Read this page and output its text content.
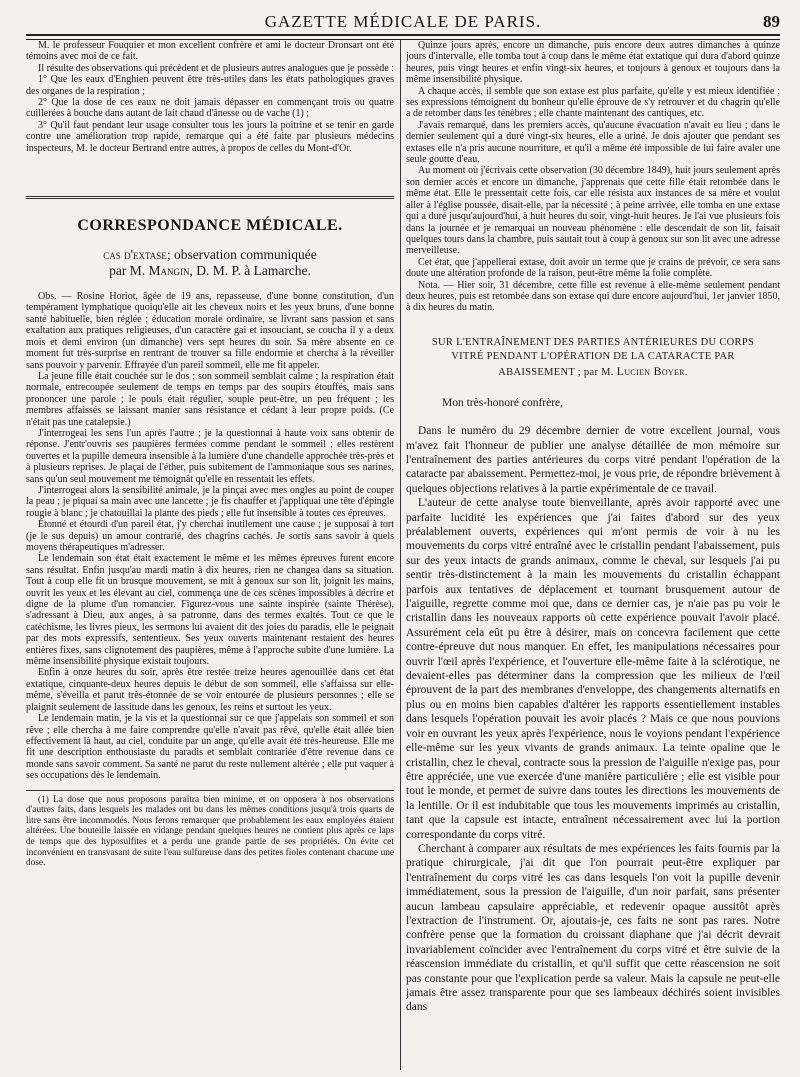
GAZETTE MÉDICALE DE PARIS.	89

M. le professeur Fouquier et mon excellent confrère et ami le docteur Dronsart ont été témoins avec moi de ce fait.

Il résulte des observations qui précèdent et de plusieurs autres analogues que je possède :

1° Que les eaux d'Enghien peuvent être très-utiles dans les états pathologiques graves des organes de la respiration ;

2° Que la dose de ces eaux ne doit jamais dépasser en commençant trois ou quatre cuillerées à bouche dans autant de lait chaud d'ânesse ou de vache (1) ;

3° Qu'il faut pendant leur usage consulter tous les jours la poitrine et se tenir en garde contre une amélioration trop rapide, remarque qui a été faite par plusieurs médecins inspecteurs, M. le docteur Bertrand entre autres, à propos de celles du Mont-d'Or.

CORRESPONDANCE MÉDICALE.
cas d'extase; observation communiquée
par M. Mangin, D. M. P. à Lamarche.

Obs. — Rosine Horiot, âgée de 19 ans, repasseuse, d'une bonne constitution, d'un tempérament lymphatique quoiqu'elle ait les cheveux noirs et les yeux bruns, d'une bonne santé habituelle, bien réglée ; éducation morale ordinaire, se livrant sans passion et sans exaltation aux pratiques religieuses, d'un caractère gai et insouciant, se coucha il y a deux mois et demi environ (un dimanche) vers sept heures du soir. Sa mère absente en ce moment fut très-surprise en rentrant de trouver sa fille endormie et chercha à la réveiller sans pouvoir y parvenir. Effrayée d'un pareil sommeil, elle me fit appeler.

La jeune fille était couchée sur le dos ; son sommeil semblait calme ; la respiration était normale, entrecoupée seulement de temps en temps par des soupirs étouffés, mais sans prononcer une parole ; le pouls était régulier, souple peut-être, un peu fréquent ; les membres affaissés se laissant manier sans résistance et cédant à leur propre poids. (Ce n'était pas une catalepsie.)

J'interrogeai les sens l'un après l'autre ; je la questionnai à haute voix sans obtenir de réponse. J'entr'ouvris ses paupières fermées comme pendant le sommeil ; elles restèrent ouvertes et la pupille demeura insensible à la lumière d'une chandelle approchée très-près et à plusieurs reprises. Je plaçai de l'éther, puis subitement de l'ammoniaque sous ses narines, sans qu'un seul mouvement me témoignât qu'elle en ressentait les effets.

J'interrogeai alors la sensibilité animale, je la pinçai avec mes ongles au point de couper la peau ; je piquai sa main avec une lancette ; je fis chauffer et j'appliquai une tête d'épingle rougie à blanc ; je chatouillai la plante des pieds ; elle fut insensible à toutes ces épreuves.

Étonné et étourdi d'un pareil état, j'y cherchai inutilement une cause ; je supposai à tort (je le sus depuis) un amour contrarié, des chagrins cachés. Je sortis sans savoir à quels moyens thérapeutiques m'adresser.

Le lendemain son état était exactement le même et les mêmes épreuves furent encore sans résultat. Enfin jusqu'au mardi matin à dix heures, rien ne changea dans sa situation. Tout à coup elle fit un brusque mouvement, se mit à genoux sur son lit, joignit les mains, ouvrit les yeux et les élevant au ciel, commença une de ces scènes impossibles à décrire et digne de la plume d'un romancier. Figurez-vous une sainte inspirée (sainte Thérèse), s'adressant à Dieu, aux anges, à sa patronne, dans des termes exaltés. Tout ce que le catéchisme, les livres pieux, les sermons lui avaient dit des joies du paradis, elle le peignait par des mots expressifs, sententieux. Ses yeux ouverts maintenant restaient des heures entières fixes, sans clignotement des paupières, même à l'approche subite d'une lumière. La même insensibilité physique existait toujours.

Enfin à onze heures du soir, après être restée treize heures agenouillée dans cet état extatique, cinquante-deux heures depuis le début de son sommeil, elle s'affaissa sur elle-même, s'éveilla et parut très-étonnée de se voir entourée de plusieurs personnes ; elle se plaignit seulement de lassitude dans les genoux, les reins et surtout les yeux.

Le lendemain matin, je la vis et la questionnai sur ce que j'appelais son sommeil et son rêve ; elle chercha à me faire comprendre qu'elle n'avait pas rêvé, qu'elle était allée bien effectivement là haut, au ciel, conduite par un ange, qu'elle avait été très-heureuse. Elle me fit une description enthousiaste du paradis et semblait contrariée d'être revenue dans ce monde sans savoir comment. Sa santé ne parut du reste nullement altérée ; elle put vaquer à ses occupations dès le lendemain.

(1) La dose que nous proposons paraîtra bien minime, et on opposera à nos observations d'autres faits, dans lesquels les malades ont bu dans les mêmes conditions jusqu'à trois quarts de litre sans être incommodés. Nous ferons remarquer que probablement les eaux employées étaient altérées. Une bouteille laissée en vidange pendant quelques heures ne contient plus après ce laps de temps que des hyposulfites et a perdu une grande partie de ses propriétés. On évite cet inconvénient en transvasant de suite l'eau sulfureuse dans des petites fioles contenant chacune une dose.

Quinze jours après, encore un dimanche, puis encore deux autres dimanches à quinze jours d'intervalle, elle tomba tout à coup dans le même état extatique qui dura d'abord quinze heures, puis vingt heures et enfin vingt-six heures, et toujours à genoux et toujours dans la même insensibilité physique.

A chaque accès, il semble que son extase est plus parfaite, qu'elle y est mieux identifiée ; ses expressions témoignent du bonheur qu'elle éprouve de s'y retrouver et du chagrin qu'elle a de retomber dans les ténèbres ; elle chante maintenant des cantiques, etc.

J'avais remarqué, dans les premiers accès, qu'aucune évacuation n'avait eu lieu ; dans le dernier seulement qui a duré vingt-six heures, elle a uriné. Je dois ajouter que pendant ses extases elle n'a pris aucune nourriture, et qu'il a même été impossible de lui faire avaler une seule goutte d'eau.

Au moment où j'écrivais cette observation (30 décembre 1849), huit jours seulement après son dernier accès et encore un dimanche, j'apprenais que cette fille était retombée dans le même état. Elle le pressentait cette fois, car elle résista aux instances de sa mère et voulut aller à l'église poussée, disait-elle, par la nécessité ; à peine arrivée, elle tomba en une extase qui a duré jusqu'aujourd'hui, à huit heures du soir, vingt-huit heures. Je l'ai vue plusieurs fois dans la journée et je remarquai un nouveau phénomène : elle descendait de son lit, faisait quelques tours dans la chambre, puis sautait tout à coup à genoux sur son lit avec une adresse merveilleuse.

Cet état, que j'appellerai extase, doit avoir un terme que je crains de prévoir, ce sera sans doute une altération profonde de la raison, peut-être même la folie complète.

Nota. — Hier soir, 31 décembre, cette fille est revenue à elle-même seulement pendant deux heures, puis est retombée dans son extase qui dure encore aujourd'hui, 1er janvier 1850, à dix heures du matin.

SUR L'ENTRAÎNEMENT DES PARTIES ANTÉRIEURES DU CORPS
VITRÉ PENDANT L'OPÉRATION DE LA CATARACTE PAR
ABAISSEMENT ; par M. Lucien Boyer.

Mon très-honoré confrère,

Dans le numéro du 29 décembre dernier de votre excellent journal, vous m'avez fait l'honneur de publier une analyse détaillée de mon mémoire sur l'entraînement des parties antérieures du corps vitré pendant l'opération de la cataracte par abaissement. Permettez-moi, je vous prie, de répondre brièvement à quelques objections relatives à la partie expérimentale de ce travail.

L'auteur de cette analyse toute bienveillante, après avoir rapporté avec une parfaite lucidité les expériences que j'ai faites d'abord sur des yeux préalablement ouverts, expériences qui m'ont permis de voir à nu les mouvements du corps vitré entraîné avec le cristallin pendant l'abaissement, puis sur des yeux intacts de grands animaux, comme le cheval, sur lesquels j'ai pu sentir très-distinctement à la main les mouvements du cristallin échappant parfois aux tentatives de déplacement et tournant brusquement autour de l'aiguille, regrette comme moi que, dans ce dernier cas, je n'aie pas pu voir le cristallin dans les nouveaux rapports où cette expérience pouvait l'avoir placé. Assurément cela eût pu être à désirer, mais on concevra facilement que cette contre-épreuve dut nous manquer. En effet, les manipulations nécessaires pour ouvrir l'œil après l'expérience, et l'ouverture elle-même faite à la sclérotique, ne devaient-elles pas déterminer dans la compression que les milieux de l'œil éprouvent de la part des membranes d'enveloppe, des changements alternatifs en plus ou en moins bien capables d'altérer les rapports essentiellement instables dans lesquels l'opération pouvait les avoir placés ? Mais ce que nous pouvions voir en ouvrant les yeux après l'expérience, nous le voyions pendant l'expérience elle-même sur les yeux vivants de grands animaux. La teinte opaline que le cristallin, chez le cheval, contracte sous la pression de l'aiguille n'exige pas, pour être appréciée, une vue exercée d'une manière particulière ; elle est visible pour tout le monde, et permet de suivre dans toutes les directions les mouvements de la lentille. Or il est indubitable que tous les mouvements imprimés au cristallin, tant que la capsule est intacte, entraînent nécessairement avec lui la portion correspondante du corps vitré.

Cherchant à comparer aux résultats de mes expériences les faits fournis par la pratique chirurgicale, j'ai dit que l'on pourrait peut-être expliquer par l'entraînement du corps vitré les cas dans lesquels l'on voit la pupille devenir immédiatement, sous la pression de l'aiguille, d'un noir parfait, sans présenter aucun lambeau capsulaire appréciable, et redevenir opaque aussitôt après l'extraction de l'instrument. Or, ajoutais-je, ces faits ne sont pas rares. Notre confrère pense que la formation du croissant diaphane que j'ai décrit devrait invariablement coïncider avec l'entraînement du corps vitré et être suivie de la réascension immédiate du cristallin, et qu'il suffit que cette réascension ne soit pas constante pour que l'explication perde sa valeur. Mais la capsule ne peut-elle jamais être assez transparente pour que ses lambeaux déchirés soient invisibles dans
